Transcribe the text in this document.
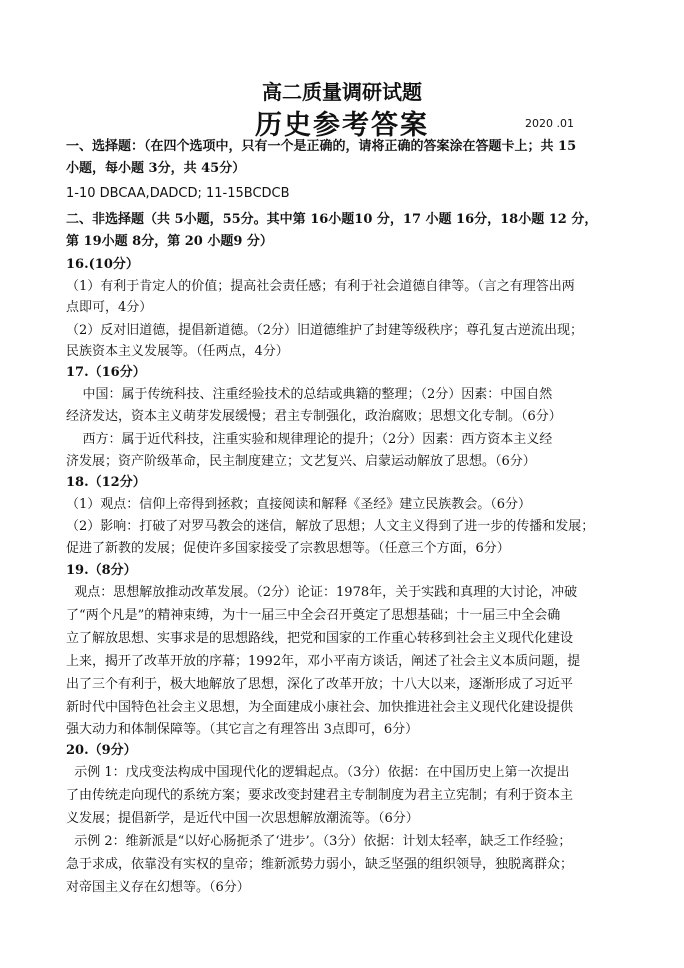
高二质量调研试题
历史参考答案	2020 .01
一、选择题：（在四个选项中，只有一个是正确的，请将正确的答案涂在答题卡上；共 15
小题，每小题 3分，共 45分）
1-10 DBCAA,DADCD; 11-15BCDCB
二、非选择题（共 5小题，55分。其中第 16小题10 分，17 小题 16分，18小题 12 分，
第 19小题 8分，第 20 小题9 分）
16.(10分）
（1）有利于肯定人的价值；提高社会责任感；有利于社会道德自律等。（言之有理答出两
点即可，4分）
（2）反对旧道德，提倡新道德。（2分）旧道德维护了封建等级秩序；尊孔复古逆流出现；
民族资本主义发展等。（任两点，4分）
17.（16分）
中国：属于传统科技、注重经验技术的总结或典籍的整理；（2分）因素：中国自然
经济发达，资本主义萌芽发展缓慢；君主专制强化，政治腐败；思想文化专制。（6分）
西方：属于近代科技，注重实验和规律理论的提升；（2分）因素：西方资本主义经
济发展；资产阶级革命，民主制度建立；文艺复兴、启蒙运动解放了思想。（6分）
18.（12分）
（1）观点：信仰上帝得到拯救；直接阅读和解释《圣经》建立民族教会。（6分）
（2）影响：打破了对罗马教会的迷信，解放了思想；人文主义得到了进一步的传播和发展；
促进了新教的发展；促使许多国家接受了宗教思想等。（任意三个方面，6分）
19.（8分）
观点：思想解放推动改革发展。（2分）论证：1978年，关于实践和真理的大讨论，冲破
了“两个凡是”的精神束缚，为十一届三中全会召开奠定了思想基础；十一届三中全会确
立了解放思想、实事求是的思想路线，把党和国家的工作重心转移到社会主义现代化建设
上来，揭开了改革开放的序幕；1992年，邓小平南方谈话，阐述了社会主义本质问题，提
出了三个有利于，极大地解放了思想，深化了改革开放；十八大以来，逐渐形成了习近平
新时代中国特色社会主义思想，为全面建成小康社会、加快推进社会主义现代化建设提供
强大动力和体制保障等。（其它言之有理答出 3点即可，6分）
20.（9分）
示例 1：戊戌变法构成中国现代化的逻辑起点。（3分）依据：在中国历史上第一次提出
了由传统走向现代的系统方案；要求改变封建君主专制制度为君主立宪制；有利于资本主
义发展；提倡新学，是近代中国一次思想解放潮流等。（6分）
示例 2：维新派是“以好心肠扼杀了‘进步’。（3分）依据：计划太轻率，缺乏工作经验；
急于求成，依靠没有实权的皇帝；维新派势力弱小，缺乏坚强的组织领导，独脱离群众；
对帝国主义存在幻想等。（6分）
